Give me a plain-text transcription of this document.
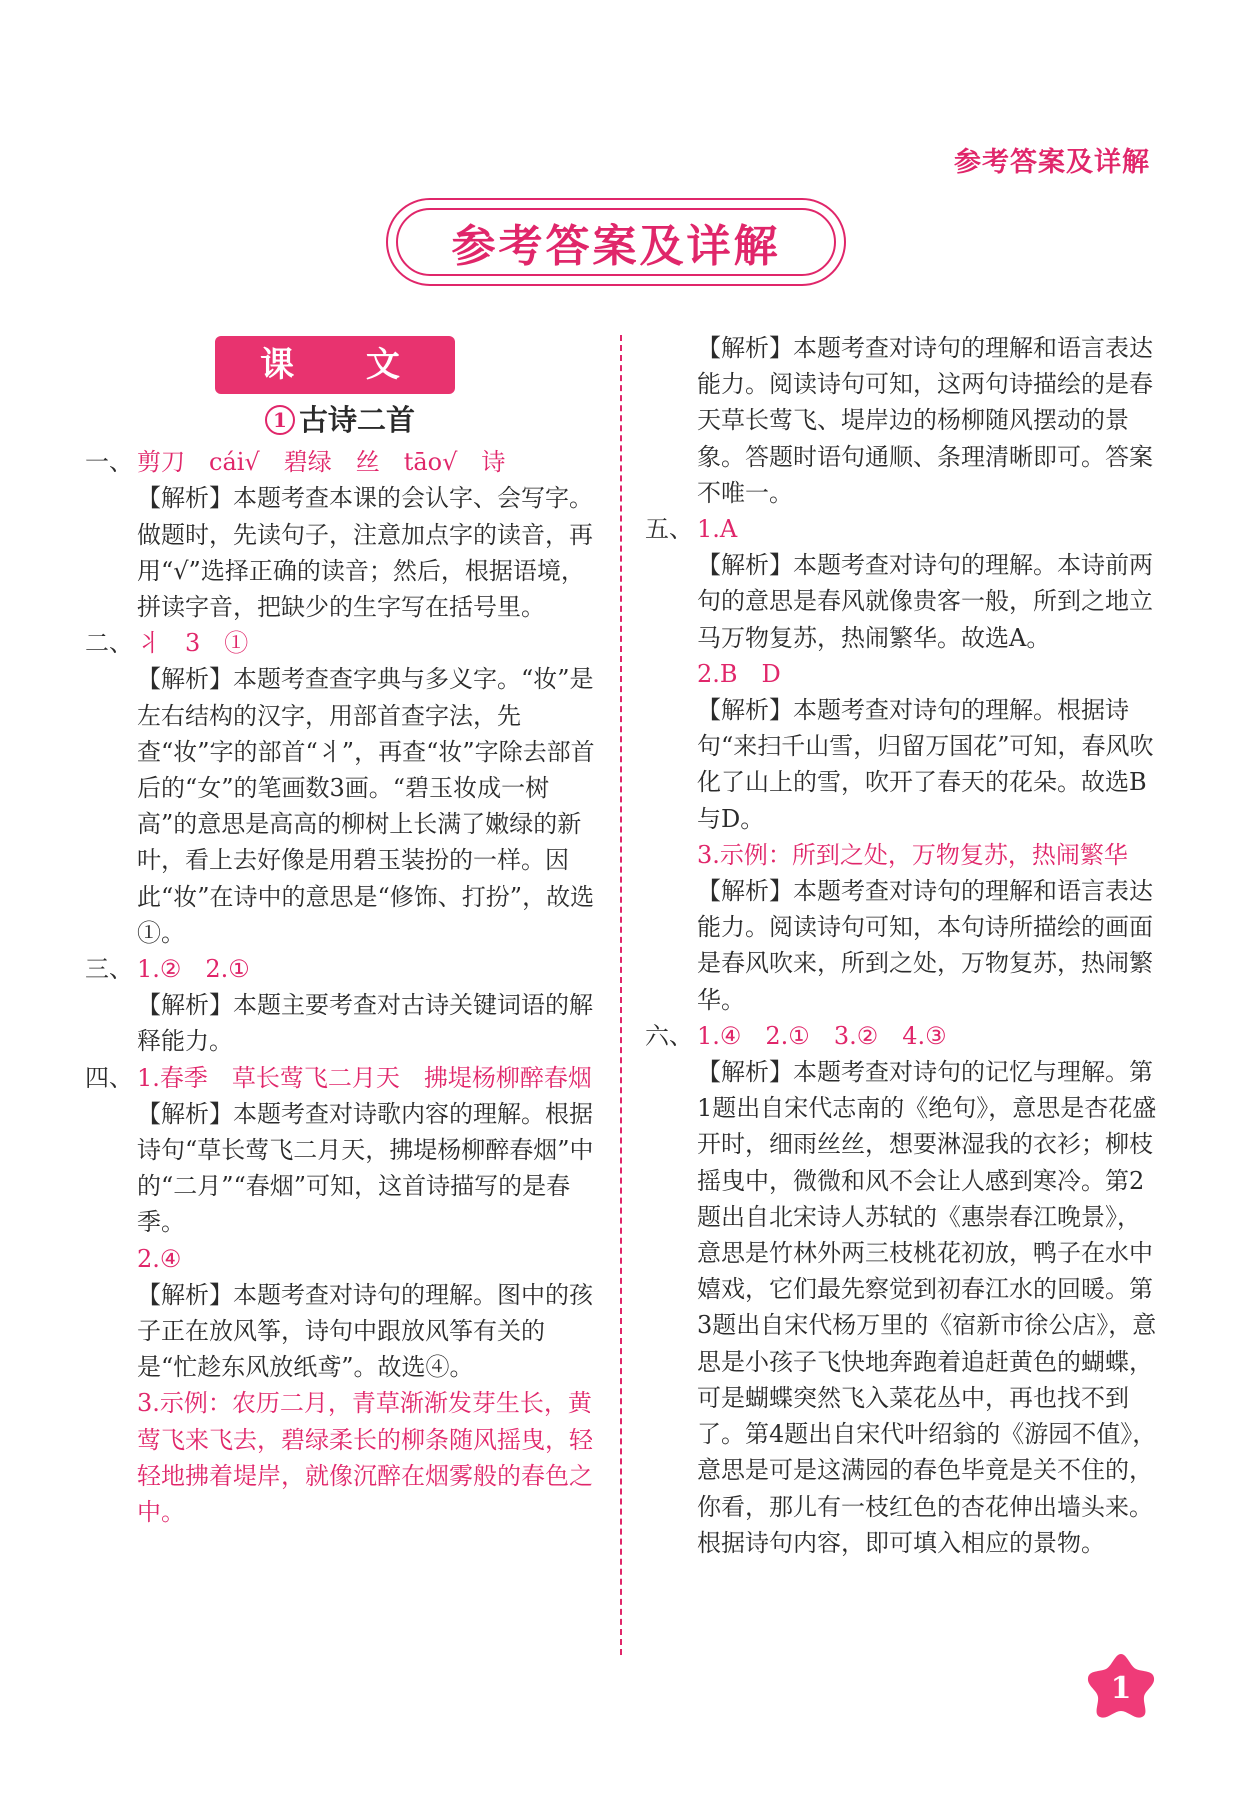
参考答案及详解
参考答案及详解
课 文
1 古诗二首
一、 剪刀　cái√　碧绿　丝　tāo√　诗
【解析】本题考查本课的会认字、会写字。做题时，先读句子，注意加点字的读音，再用“√”选择正确的读音；然后，根据语境，拼读字音，把缺少的生字写在括号里。
二、 丬　3　①
【解析】本题考查查字典与多义字。“妆”是左右结构的汉字，用部首查字法，先查“妆”字的部首“丬”，再查“妆”字除去部首后的“女”的笔画数3画。“碧玉妆成一树高”的意思是高高的柳树上长满了嫩绿的新叶，看上去好像是用碧玉装扮的一样。因此“妆”在诗中的意思是“修饰、打扮”，故选①。
三、 1.②　2.①
【解析】本题主要考查对古诗关键词语的解释能力。
四、 1.春季　草长莺飞二月天　拂堤杨柳醉春烟
【解析】本题考查对诗歌内容的理解。根据诗句“草长莺飞二月天，拂堤杨柳醉春烟”中的“二月”“春烟”可知，这首诗描写的是春季。
2.④
【解析】本题考查对诗句的理解。图中的孩子正在放风筝，诗句中跟放风筝有关的是“忙趁东风放纸鸢”。故选④。
3.示例：农历二月，青草渐渐发芽生长，黄莺飞来飞去，碧绿柔长的柳条随风摇曳，轻轻地拂着堤岸，就像沉醉在烟雾般的春色之中。
【解析】本题考查对诗句的理解和语言表达能力。阅读诗句可知，这两句诗描绘的是春天草长莺飞、堤岸边的杨柳随风摆动的景象。答题时语句通顺、条理清晰即可。答案不唯一。
五、 1.A
【解析】本题考查对诗句的理解。本诗前两句的意思是春风就像贵客一般，所到之地立马万物复苏，热闹繁华。故选A。
2.B　D
【解析】本题考查对诗句的理解。根据诗句“来扫千山雪，归留万国花”可知，春风吹化了山上的雪，吹开了春天的花朵。故选B与D。
3.示例：所到之处，万物复苏，热闹繁华
【解析】本题考查对诗句的理解和语言表达能力。阅读诗句可知，本句诗所描绘的画面是春风吹来，所到之处，万物复苏，热闹繁华。
六、 1.④　2.①　3.②　4.③
【解析】本题考查对诗句的记忆与理解。第1题出自宋代志南的《绝句》，意思是杏花盛开时，细雨丝丝，想要淋湿我的衣衫；柳枝摇曳中，微微和风不会让人感到寒冷。第2题出自北宋诗人苏轼的《惠崇春江晚景》，意思是竹林外两三枝桃花初放，鸭子在水中嬉戏，它们最先察觉到初春江水的回暖。第3题出自宋代杨万里的《宿新市徐公店》，意思是小孩子飞快地奔跑着追赶黄色的蝴蝶，可是蝴蝶突然飞入菜花丛中，再也找不到了。第4题出自宋代叶绍翁的《游园不值》，意思是可是这满园的春色毕竟是关不住的，你看，那儿有一枝红色的杏花伸出墙头来。根据诗句内容，即可填入相应的景物。
1
